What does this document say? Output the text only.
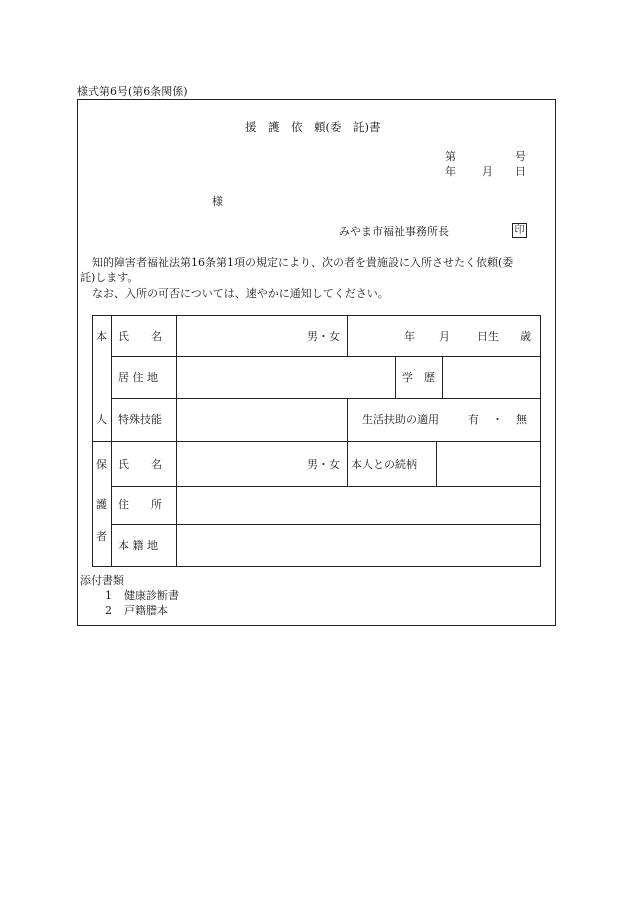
様式第6号(第6条関係)
援　護　依　頼(委　託)書
第	号
年 月 日
様
みやま市福祉事務所長	印
知的障害者福祉法第16条第1項の規定により、次の者を貴施設に入所させたく依頼(委
託)します。
なお、入所の可否については、速やかに通知してください。
本
人
氏　　名	男・女	年 月 日生 歳
居 住 地	学　歴
特殊技能	生活扶助の適用	有 ・ 無
保
護
者
氏　　名	男・女 本人との続柄
住　　所
本 籍 地
添付書類
1 健康診断書
2 戸籍謄本
